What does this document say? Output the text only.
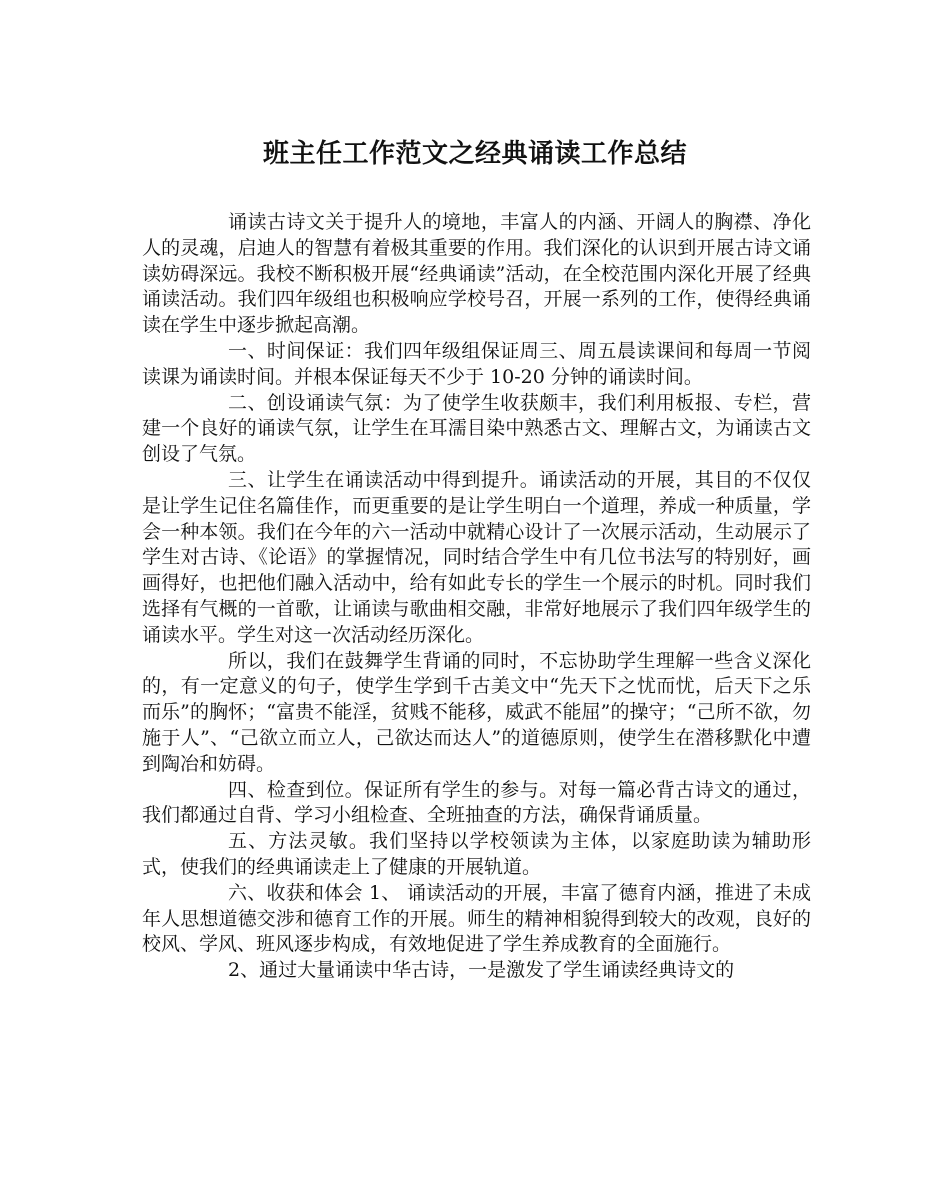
班主任工作范文之经典诵读工作总结

诵读古诗文关于提升人的境地，丰富人的内涵、开阔人的胸襟、净化人的灵魂，启迪人的智慧有着极其重要的作用。我们深化的认识到开展古诗文诵读妨碍深远。我校不断积极开展“经典诵读”活动，在全校范围内深化开展了经典诵读活动。我们四年级组也积极响应学校号召，开展一系列的工作，使得经典诵读在学生中逐步掀起高潮。

一、时间保证：我们四年级组保证周三、周五晨读课间和每周一节阅读课为诵读时间。并根本保证每天不少于 10-20 分钟的诵读时间。

二、创设诵读气氛：为了使学生收获颇丰，我们利用板报、专栏，营建一个良好的诵读气氛，让学生在耳濡目染中熟悉古文、理解古文，为诵读古文创设了气氛。

三、让学生在诵读活动中得到提升。诵读活动的开展，其目的不仅仅是让学生记住名篇佳作，而更重要的是让学生明白一个道理，养成一种质量，学会一种本领。我们在今年的六一活动中就精心设计了一次展示活动，生动展示了学生对古诗、《论语》的掌握情况，同时结合学生中有几位书法写的特别好，画画得好，也把他们融入活动中，给有如此专长的学生一个展示的时机。同时我们选择有气概的一首歌，让诵读与歌曲相交融，非常好地展示了我们四年级学生的诵读水平。学生对这一次活动经历深化。

所以，我们在鼓舞学生背诵的同时，不忘协助学生理解一些含义深化的，有一定意义的句子，使学生学到千古美文中“先天下之忧而忧，后天下之乐而乐”的胸怀；“富贵不能淫，贫贱不能移，威武不能屈”的操守；“己所不欲，勿施于人”、“己欲立而立人，己欲达而达人”的道德原则，使学生在潜移默化中遭到陶冶和妨碍。

四、检查到位。保证所有学生的参与。对每一篇必背古诗文的通过，我们都通过自背、学习小组检查、全班抽查的方法，确保背诵质量。

五、方法灵敏。我们坚持以学校领读为主体，以家庭助读为辅助形式，使我们的经典诵读走上了健康的开展轨道。

六、收获和体会 1、 诵读活动的开展，丰富了德育内涵，推进了未成年人思想道德交涉和德育工作的开展。师生的精神相貌得到较大的改观，良好的校风、学风、班风逐步构成，有效地促进了学生养成教育的全面施行。

2、通过大量诵读中华古诗，一是激发了学生诵读经典诗文的
